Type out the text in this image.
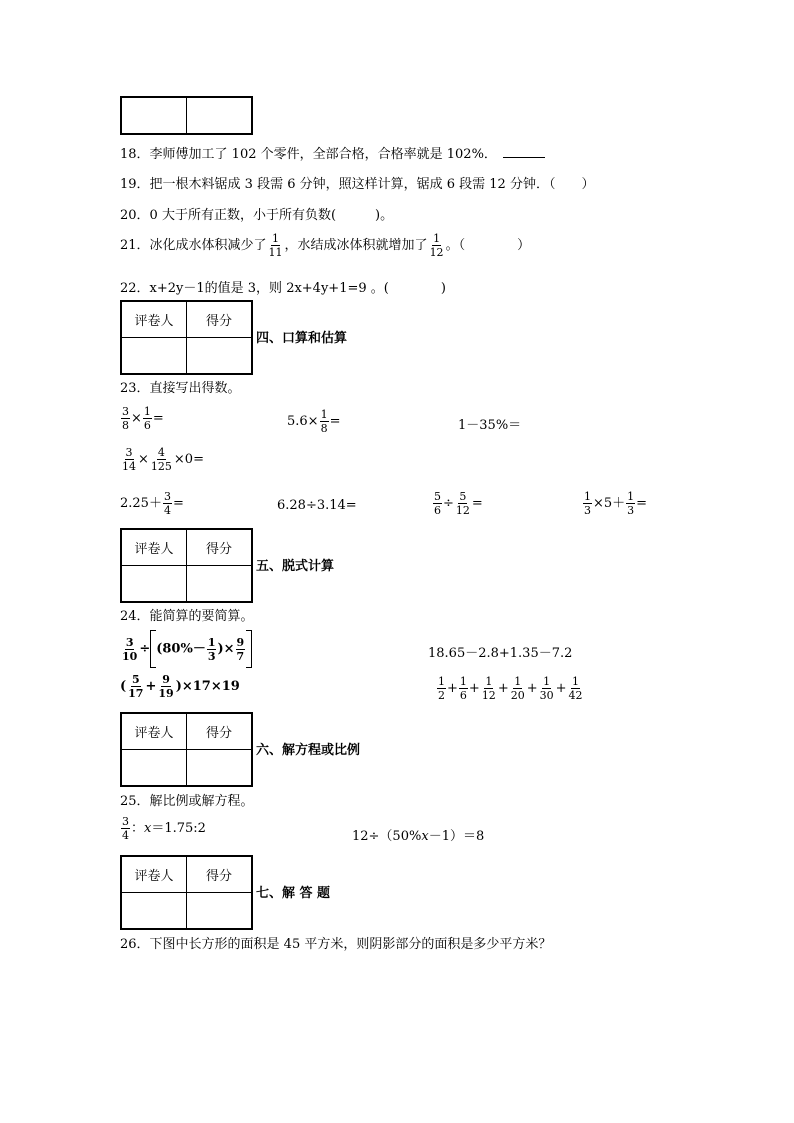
18．李师傅加工了 102 个零件，全部合格，合格率就是 102%．
19．把一根木料锯成 3 段需 6 分钟，照这样计算，锯成 6 段需 12 分钟．（　　）
20．0 大于所有正数，小于所有负数(　　　)。
21．冰化成水体积减少了 $\frac{1}{11}$ ，水结成冰体积就增加了 $\frac{1}{12}$ 。（　　　　）
22．x+2y－1的值是 3，则 2x+4y+1=9 。(　　　　)
评卷人	得分

四、口算和估算
23．直接写出得数。
$\frac{3}{8} \times \frac{1}{6}$ =	$5.6\times \frac{1}{8}$ =	1－35%＝
$\frac{3}{14} \times \frac{4}{125} \times 0=$
$2.25+ \frac{3}{4}$ =	6.28÷3.14=	$\frac{5}{6} \div \frac{5}{12}$ =	$\frac{1}{3} \times 5+ \frac{1}{3}$ =
评卷人	得分

五、脱式计算
24．能简算的要简算。
$\frac{3}{10} \div (80\%- \frac{1}{3}$ )× $\frac{9}{7}$	18.65－2.8+1.35－7.2
( $\frac{5}{17} + \frac{9}{19} )\times 17\times 19$	$\frac{1}{2} + \frac{1}{6} + \frac{1}{12} + \frac{1}{20} + \frac{1}{30} + \frac{1}{42}$
评卷人	得分

六、解方程或比例
25．解比例或解方程。
$\frac{3}{4}$ ：x＝1.75:2
12÷（50%x－1）＝8
评卷人	得分

七、解 答 题
26．下图中长方形的面积是 45 平方米，则阴影部分的面积是多少平方米？
